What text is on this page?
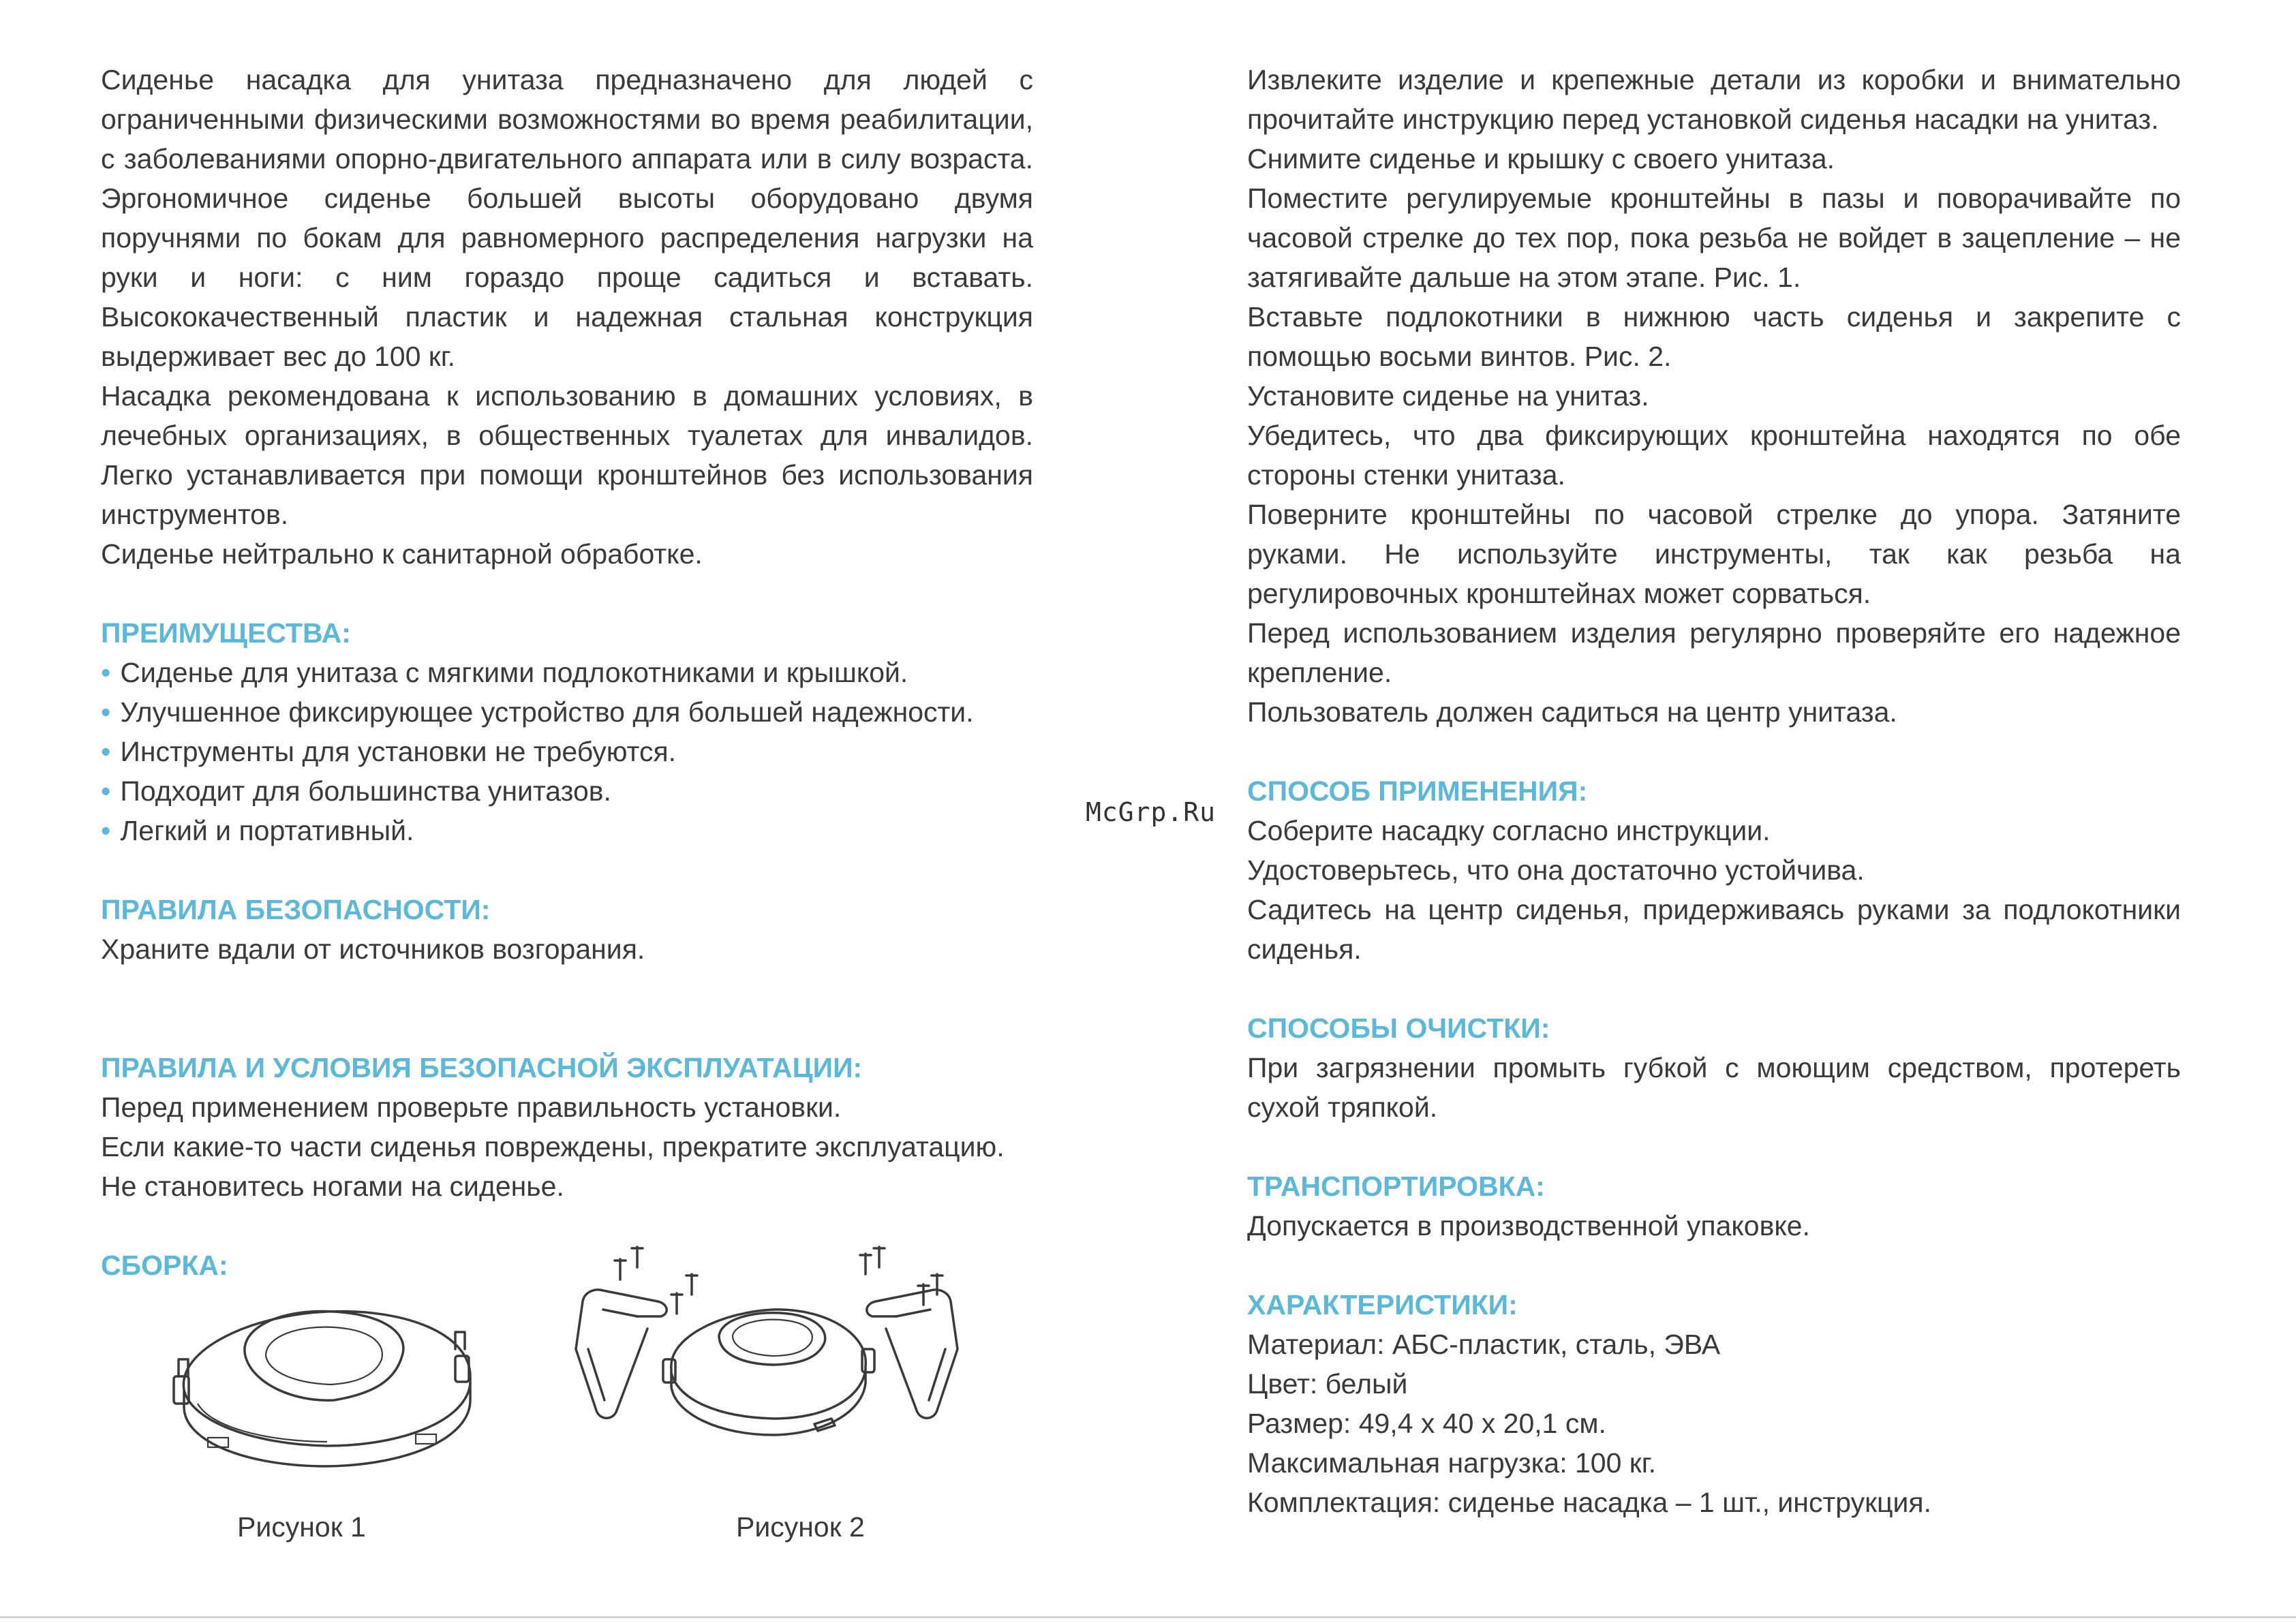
Сиденье насадка для унитаза предназначено для людей с ограниченными физическими возможностями во время реабилитации, с заболеваниями опорно-двигательного аппарата или в силу возраста. Эргономичное сиденье большей высоты оборудовано двумя поручнями по бокам для равномерного распределения нагрузки на руки и ноги: с ним гораздо проще садиться и вставать. Высококачественный пластик и надежная стальная конструкция выдерживает вес до 100 кг.

Насадка рекомендована к использованию в домашних условиях, в лечебных организациях, в общественных туалетах для инвалидов. Легко устанавливается при помощи кронштейнов без использования инструментов.

Сиденье нейтрально к санитарной обработке.

ПРЕИМУЩЕСТВА:
• Сиденье для унитаза с мягкими подлокотниками и крышкой.
• Улучшенное фиксирующее устройство для большей надежности.
• Инструменты для установки не требуются.
• Подходит для большинства унитазов.
• Легкий и портативный.
ПРАВИЛА БЕЗОПАСНОСТИ:

Храните вдали от источников возгорания.

ПРАВИЛА И УСЛОВИЯ БЕЗОПАСНОЙ ЭКСПЛУАТАЦИИ:

Перед применением проверьте правильность установки.

Если какие-то части сиденья повреждены, прекратите эксплуатацию.

Не становитесь ногами на сиденье.

СБОРКА:
Рисунок 1	Рисунок 2
McGrp.Ru

Извлеките изделие и крепежные детали из коробки и внимательно прочитайте инструкцию перед установкой сиденья насадки на унитаз.

Снимите сиденье и крышку с своего унитаза.

Поместите регулируемые кронштейны в пазы и поворачивайте по часовой стрелке до тех пор, пока резьба не войдет в зацепление – не затягивайте дальше на этом этапе. Рис. 1.

Вставьте подлокотники в нижнюю часть сиденья и закрепите с помощью восьми винтов. Рис. 2.

Установите сиденье на унитаз.

Убедитесь, что два фиксирующих кронштейна находятся по обе стороны стенки унитаза.

Поверните кронштейны по часовой стрелке до упора. Затяните руками. Не используйте инструменты, так как резьба на регулировочных кронштейнах может сорваться.

Перед использованием изделия регулярно проверяйте его надежное крепление.

Пользователь должен садиться на центр унитаза.

СПОСОБ ПРИМЕНЕНИЯ:

Соберите насадку согласно инструкции.

Удостоверьтесь, что она достаточно устойчива.

Садитесь на центр сиденья, придерживаясь руками за подлокотники сиденья.

СПОСОБЫ ОЧИСТКИ:

При загрязнении промыть губкой с моющим средством, протереть сухой тряпкой.

ТРАНСПОРТИРОВКА:

Допускается в производственной упаковке.

ХАРАКТЕРИСТИКИ:

Материал: АБС-пластик, сталь, ЭВА

Цвет: белый

Размер: 49,4 х 40 х 20,1 см.

Максимальная нагрузка: 100 кг.

Комплектация: сиденье насадка – 1 шт., инструкция.
